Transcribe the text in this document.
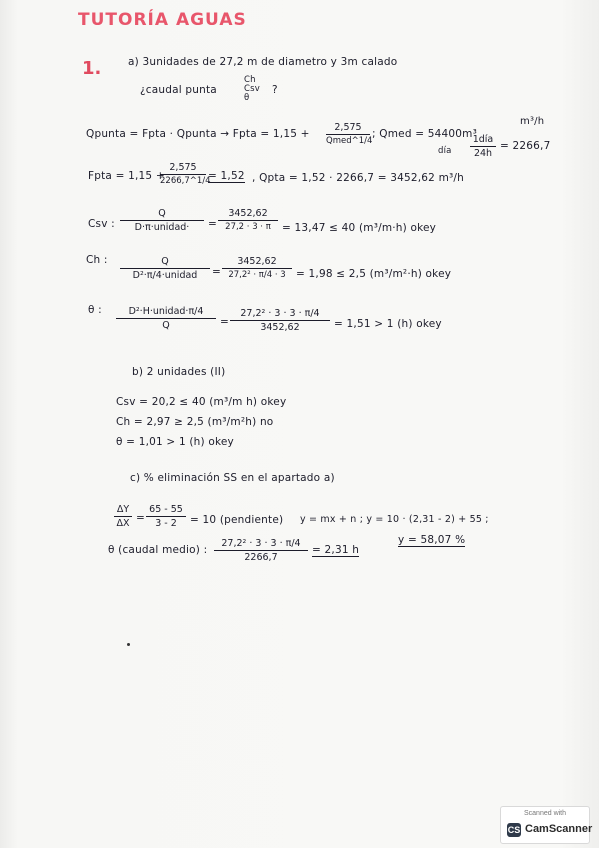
TUTORÍA AGUAS
1.	a) 3unidades de 27,2 m de diametro y 3m calado
¿caudal punta
Ch Csv θ
?
m³/h
Qpunta = Fpta · Qpunta → Fpta = 1,15 +
2,575
Qmed^1/4
; Qmed = 54400m³
día
1día
24h
= 2266,7
Fpta = 1,15 +
$\frac{2,575}{2266,7\^{}1/4} = 1,52$ , Qpta = 1,52 · 2266,7 = 3452,62 m³/h
Csv :
Q
D·π·unidad·	= $\frac{3452,62}{27,2 \cdot 3 \cdot \pi} = 13,47 \le 40$ (m³/m·h) okey
Ch :	Q
D²·π/4·unidad	= $\frac{3452,62}{\text{27,2² · π/4 · 3}} = 1,98 \le 2,5$ (m³/m²·h) okey
θ :	D²·H·unidad·π/4
Q	= $\frac{\text{27,2² · 3 · 3 · π/4}}{3452,62} = 1,51 > 1$ (h) okey
b) 2 unidades (II)
Csv = 20,2 ≤ 40 (m³/m h) okey
Ch = 2,97 ≥ 2,5 (m³/m²h) no
θ = 1,01 > 1 (h) okey
c) % eliminación SS en el apartado a)
$\frac{\Delta Y}{\Delta X} = \frac{65 - 55}{3 - 2} = 10$ (pendiente) y = mx + n ; y = 10 · (2,31 - 2) + 55 ;
y = 58,07 %
θ (caudal medio) : $\frac{\text{27,2² · 3 · 3 · π/4}}{2266,7} = 2,31$ h
Scanned with
CS CamScanner
